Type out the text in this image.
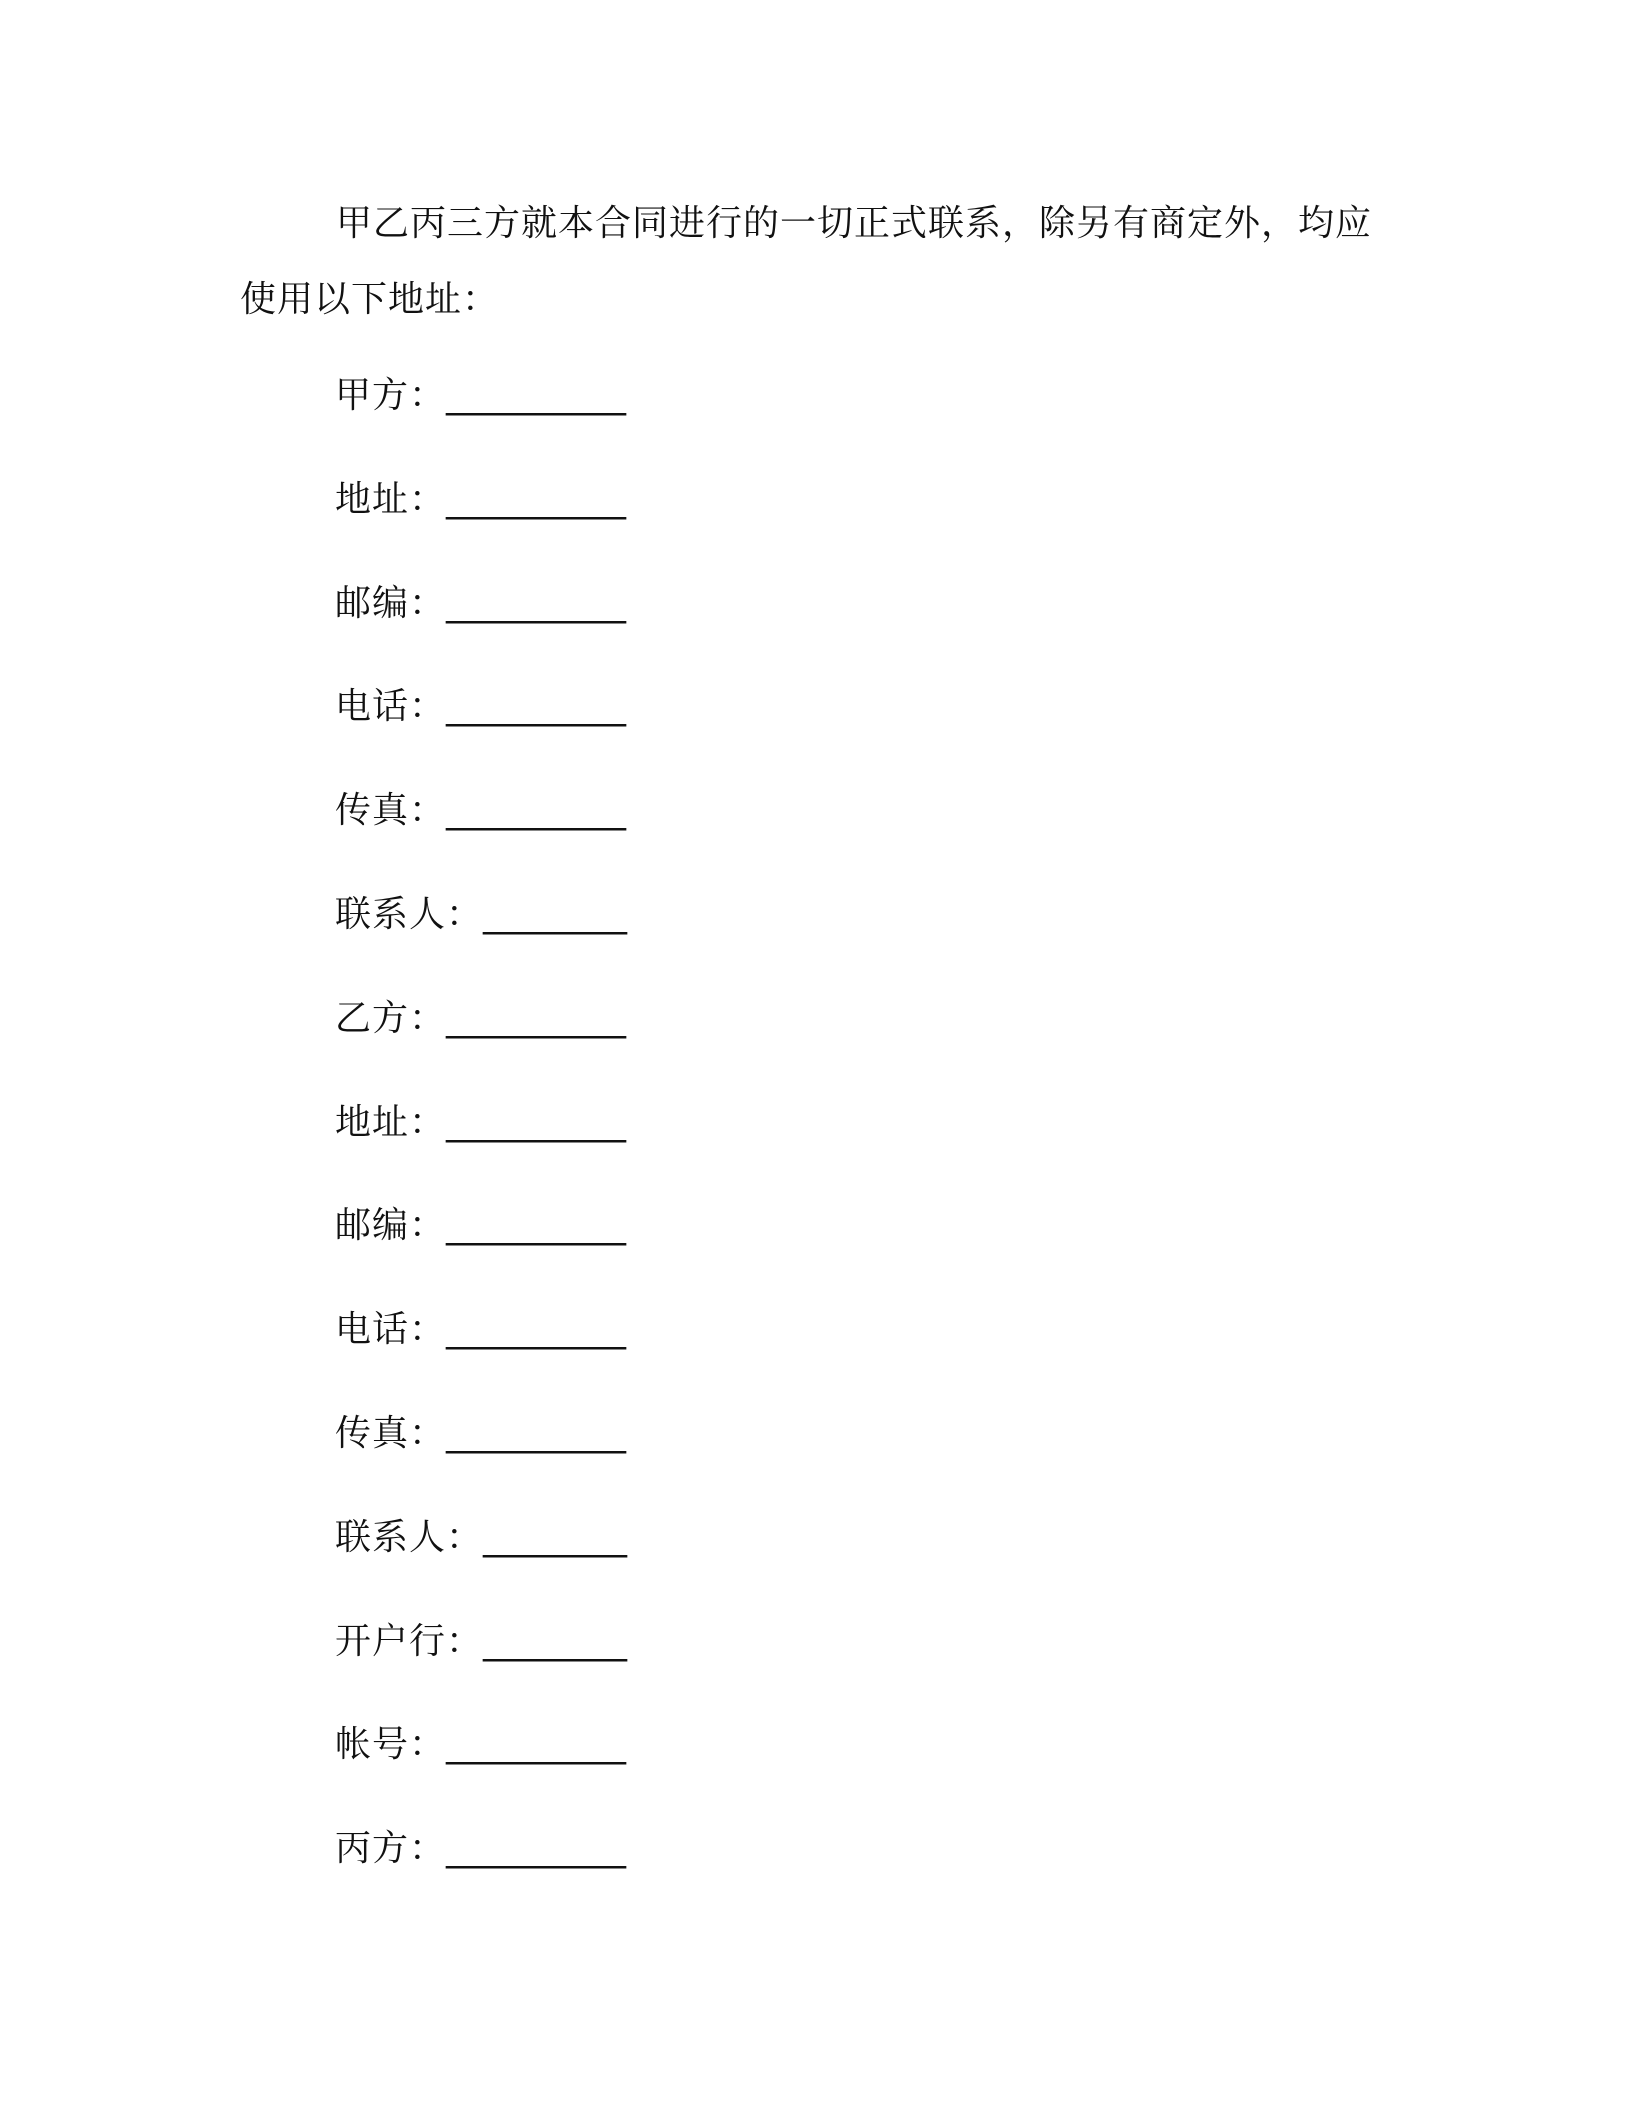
甲乙丙三方就本合同进行的一切正式联系，除另有商定外，均应使用以下地址：

甲方：__________
地址：__________
邮编：__________
电话：__________
传真：__________
联系人：________
乙方：__________
地址：__________
邮编：__________
电话：__________
传真：__________
联系人：________
开户行：________
帐号：__________
丙方：__________
